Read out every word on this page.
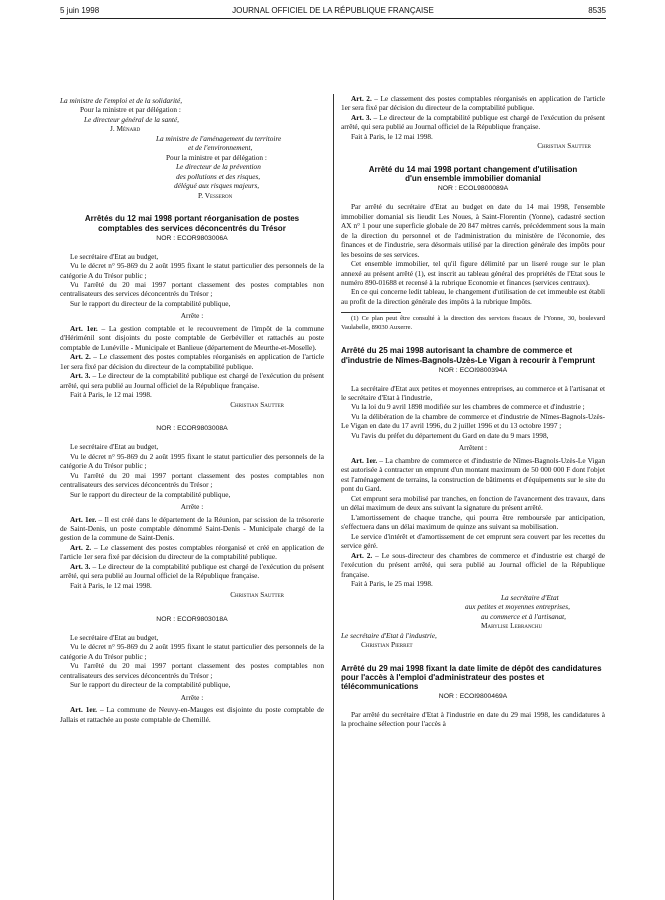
5 juin 1998	JOURNAL OFFICIEL DE LA RÉPUBLIQUE FRANÇAISE	8535

La ministre de l'emploi et de la solidarité,

Pour la ministre et par délégation :

Le directeur général de la santé,

J. Ménard

La ministre de l'aménagement du territoire

et de l'environnement,

Pour la ministre et par délégation :

Le directeur de la prévention

des pollutions et des risques,

délégué aux risques majeurs,

P. Vesseron

Arrêtés du 12 mai 1998 portant réorganisation de postes comptables des services déconcentrés du Trésor
NOR : ECOR9803006A

Le secrétaire d'Etat au budget,

Vu le décret n° 95-869 du 2 août 1995 fixant le statut particulier des personnels de la catégorie A du Trésor public ;

Vu l'arrêté du 20 mai 1997 portant classement des postes comptables non centralisateurs des services déconcentrés du Trésor ;

Sur le rapport du directeur de la comptabilité publique,

Arrête :

Art. 1er. – La gestion comptable et le recouvrement de l'impôt de la commune d'Hériménil sont disjoints du poste comptable de Gerbéviller et rattachés au poste comptable de Lunéville - Municipale et Banlieue (département de Meurthe-et-Moselle).

Art. 2. – Le classement des postes comptables réorganisés en application de l'article 1er sera fixé par décision du directeur de la comptabilité publique.

Art. 3. – Le directeur de la comptabilité publique est chargé de l'exécution du présent arrêté, qui sera publié au Journal officiel de la République française.

Fait à Paris, le 12 mai 1998.

Christian Sautter

NOR : ECOR9803008A

Le secrétaire d'Etat au budget,

Vu le décret n° 95-869 du 2 août 1995 fixant le statut particulier des personnels de la catégorie A du Trésor public ;

Vu l'arrêté du 20 mai 1997 portant classement des postes comptables non centralisateurs des services déconcentrés du Trésor ;

Sur le rapport du directeur de la comptabilité publique,

Arrête :

Art. 1er. – Il est créé dans le département de la Réunion, par scission de la trésorerie de Saint-Denis, un poste comptable dénommé Saint-Denis - Municipale chargé de la gestion de la commune de Saint-Denis.

Art. 2. – Le classement des postes comptables réorganisé et créé en application de l'article 1er sera fixé par décision du directeur de la comptabilité publique.

Art. 3. – Le directeur de la comptabilité publique est chargé de l'exécution du présent arrêté, qui sera publié au Journal officiel de la République française.

Fait à Paris, le 12 mai 1998.

Christian Sautter

NOR : ECOR9803018A

Le secrétaire d'Etat au budget,

Vu le décret n° 95-869 du 2 août 1995 fixant le statut particulier des personnels de la catégorie A du Trésor public ;

Vu l'arrêté du 20 mai 1997 portant classement des postes comptables non centralisateurs des services déconcentrés du Trésor ;

Sur le rapport du directeur de la comptabilité publique,

Arrête :

Art. 1er. – La commune de Neuvy-en-Mauges est disjointe du poste comptable de Jallais et rattachée au poste comptable de Chemillé.

Art. 2. – Le classement des postes comptables réorganisés en application de l'article 1er sera fixé par décision du directeur de la comptabilité publique.

Art. 3. – Le directeur de la comptabilité publique est chargé de l'exécution du présent arrêté, qui sera publié au Journal officiel de la République française.

Fait à Paris, le 12 mai 1998.

Christian Sautter

Arrêté du 14 mai 1998 portant changement d'utilisation d'un ensemble immobilier domanial
NOR : ECOL9800089A

Par arrêté du secrétaire d'Etat au budget en date du 14 mai 1998, l'ensemble immobilier domanial sis lieudit Les Noues, à Saint-Florentin (Yonne), cadastré section AX n° 1 pour une superficie globale de 20 847 mètres carrés, précédemment sous la main de la direction du personnel et de l'administration du ministère de l'économie, des finances et de l'industrie, sera désormais utilisé par la direction générale des impôts pour les besoins de ses services.

Cet ensemble immobilier, tel qu'il figure délimité par un liseré rouge sur le plan annexé au présent arrêté (1), est inscrit au tableau général des propriétés de l'Etat sous le numéro 890-01688 et recensé à la rubrique Economie et finances (services centraux).

En ce qui concerne ledit tableau, le changement d'utilisation de cet immeuble est établi au profit de la direction générale des impôts à la rubrique Impôts.

(1) Ce plan peut être consulté à la direction des services fiscaux de l'Yonne, 30, boulevard Vaulabelle, 89030 Auxerre.

Arrêté du 25 mai 1998 autorisant la chambre de commerce et d'industrie de Nîmes-Bagnols-Uzès-Le Vigan à recourir à l'emprunt
NOR : ECOI9800394A

La secrétaire d'Etat aux petites et moyennes entreprises, au commerce et à l'artisanat et le secrétaire d'Etat à l'industrie,

Vu la loi du 9 avril 1898 modifiée sur les chambres de commerce et d'industrie ;

Vu la délibération de la chambre de commerce et d'industrie de Nîmes-Bagnols-Uzès-Le Vigan en date du 17 avril 1996, du 2 juillet 1996 et du 13 octobre 1997 ;

Vu l'avis du préfet du département du Gard en date du 9 mars 1998,

Arrêtent :

Art. 1er. – La chambre de commerce et d'industrie de Nîmes-Bagnols-Uzès-Le Vigan est autorisée à contracter un emprunt d'un montant maximum de 50 000 000 F dont l'objet est l'aménagement de terrains, la construction de bâtiments et d'équipements sur le site du pont du Gard.

Cet emprunt sera mobilisé par tranches, en fonction de l'avancement des travaux, dans un délai maximum de deux ans suivant la signature du présent arrêté.

L'amortissement de chaque tranche, qui pourra être remboursée par anticipation, s'effectuera dans un délai maximum de quinze ans suivant sa mobilisation.

Le service d'intérêt et d'amortissement de cet emprunt sera couvert par les recettes du service géré.

Art. 2. – Le sous-directeur des chambres de commerce et d'industrie est chargé de l'exécution du présent arrêté, qui sera publié au Journal officiel de la République française.

Fait à Paris, le 25 mai 1998.

La secrétaire d'Etat

aux petites et moyennes entreprises,

au commerce et à l'artisanat,

Marylise Lebranchu

Le secrétaire d'Etat à l'industrie,

Christian Pierret

Arrêté du 29 mai 1998 fixant la date limite de dépôt des candidatures pour l'accès à l'emploi d'administrateur des postes et télécommunications
NOR : ECOI9800469A

Par arrêté du secrétaire d'Etat à l'industrie en date du 29 mai 1998, les candidatures à la prochaine sélection pour l'accès à
